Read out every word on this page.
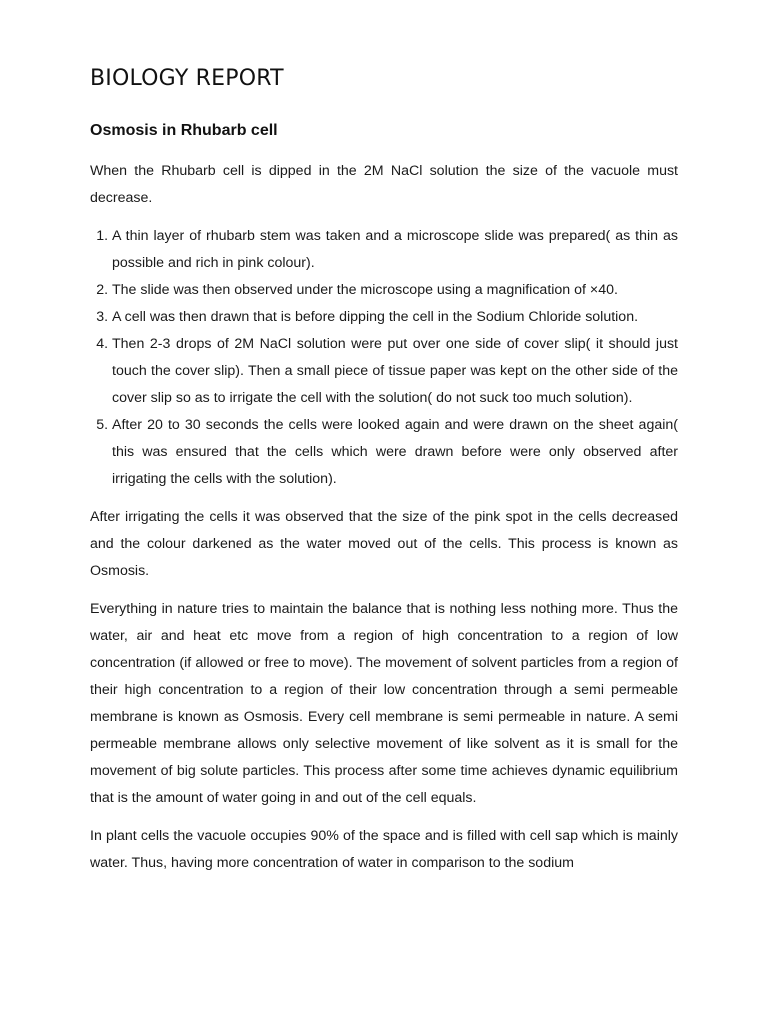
BIOLOGY REPORT
Osmosis in Rhubarb cell

When the Rhubarb cell is dipped in the 2M NaCl solution the size of the vacuole must decrease.

1. A thin layer of rhubarb stem was taken and a microscope slide was prepared( as thin as possible and rich in pink colour).
2. The slide was then observed under the microscope using a magnification of ×40.
3. A cell was then drawn that is before dipping the cell in the Sodium Chloride solution.
4. Then 2-3 drops of 2M NaCl solution were put over one side of cover slip( it should just touch the cover slip). Then a small piece of tissue paper was kept on the other side of the cover slip so as to irrigate the cell with the solution( do not suck too much solution).
5. After 20 to 30 seconds the cells were looked again and were drawn on the sheet again( this was ensured that the cells which were drawn before were only observed after irrigating the cells with the solution).

After irrigating the cells it was observed that the size of the pink spot in the cells decreased and the colour darkened as the water moved out of the cells. This process is known as Osmosis.

Everything in nature tries to maintain the balance that is nothing less nothing more. Thus the water, air and heat etc move from a region of high concentration to a region of low concentration (if allowed or free to move). The movement of solvent particles from a region of their high concentration to a region of their low concentration through a semi permeable membrane is known as Osmosis. Every cell membrane is semi permeable in nature. A semi permeable membrane allows only selective movement of like solvent as it is small for the movement of big solute particles. This process after some time achieves dynamic equilibrium that is the amount of water going in and out of the cell equals.

In plant cells the vacuole occupies 90% of the space and is filled with cell sap which is mainly water. Thus, having more concentration of water in comparison to the sodium
